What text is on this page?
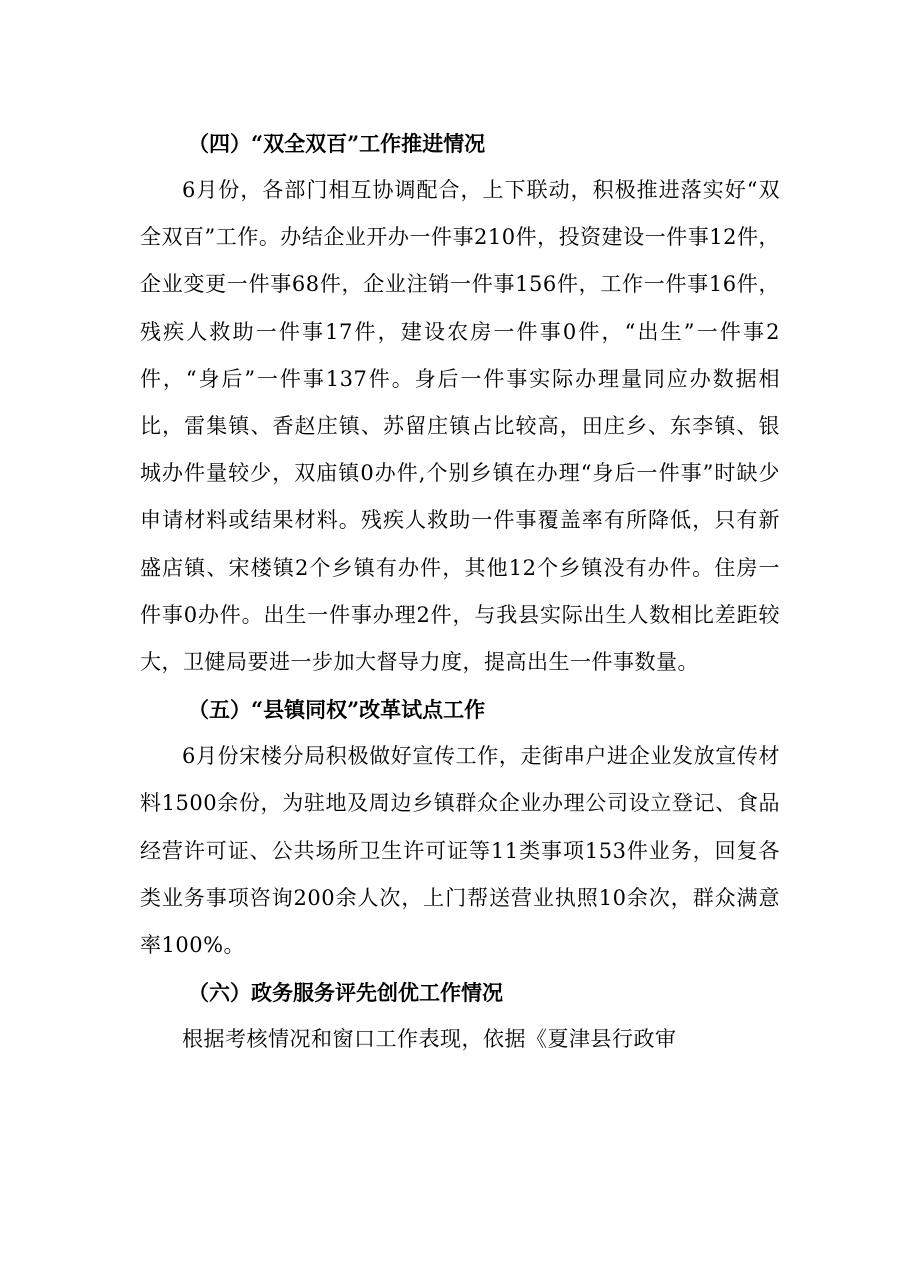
（四）“双全双百”工作推进情况

6月份，各部门相互协调配合，上下联动，积极推进落实好“双全双百”工作。办结企业开办一件事210件，投资建设一件事12件，企业变更一件事68件，企业注销一件事156件，工作一件事16件，残疾人救助一件事17件，建设农房一件事0件，“出生”一件事2件，“身后”一件事137件。身后一件事实际办理量同应办数据相比，雷集镇、香赵庄镇、苏留庄镇占比较高，田庄乡、东李镇、银城办件量较少，双庙镇0办件,个别乡镇在办理“身后一件事”时缺少申请材料或结果材料。残疾人救助一件事覆盖率有所降低，只有新盛店镇、宋楼镇2个乡镇有办件，其他12个乡镇没有办件。住房一件事0办件。出生一件事办理2件，与我县实际出生人数相比差距较大，卫健局要进一步加大督导力度，提高出生一件事数量。

（五）“县镇同权”改革试点工作

6月份宋楼分局积极做好宣传工作，走街串户进企业发放宣传材料1500余份，为驻地及周边乡镇群众企业办理公司设立登记、食品经营许可证、公共场所卫生许可证等11类事项153件业务，回复各类业务事项咨询200余人次，上门帮送营业执照10余次，群众满意率100%。

（六）政务服务评先创优工作情况

根据考核情况和窗口工作表现，依据《夏津县行政审
